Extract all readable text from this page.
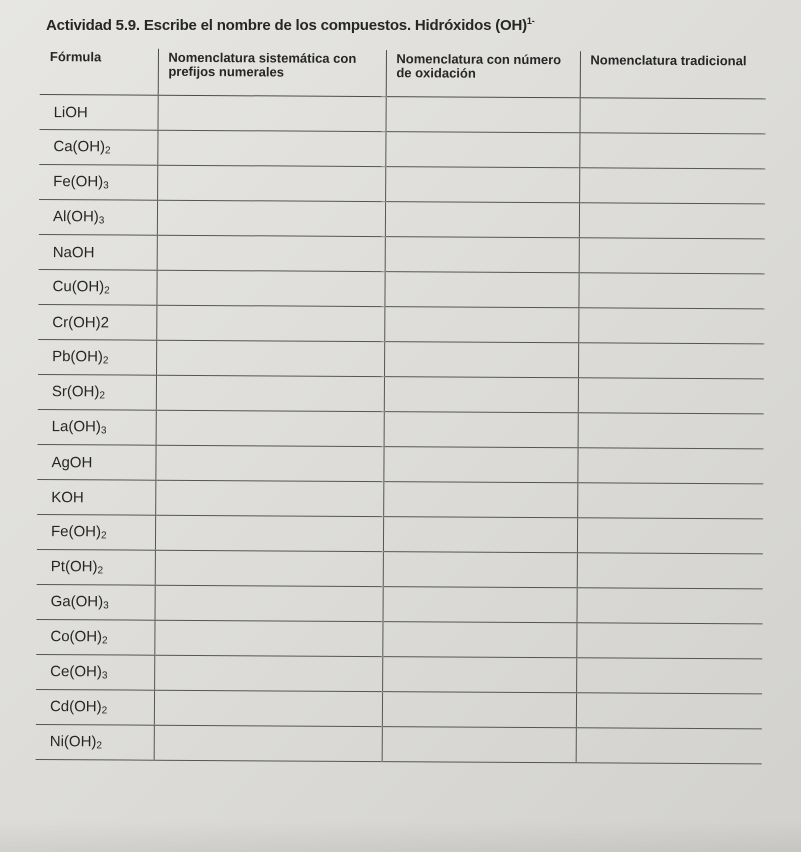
Actividad 5.9. Escribe el nombre de los compuestos. Hidróxidos (OH)$^{1-}$
Fórmula	Nomenclatura sistemática con prefijos numerales	Nomenclatura con número de oxidación	Nomenclatura tradicional
LiOH			
$Ca(OH)_2$			
$Fe(OH)_3$			
$Al(OH)_3$			
NaOH			
$Cu(OH)_2$			
Cr(OH)2			
$Pb(OH)_2$			
$Sr(OH)_2$			
$La(OH)_3$			
AgOH			
KOH			
$Fe(OH)_2$			
$Pt(OH)_2$			
$Ga(OH)_3$			
$Co(OH)_2$			
$Ce(OH)_3$			
$Cd(OH)_2$			
$Ni(OH)_2$			
